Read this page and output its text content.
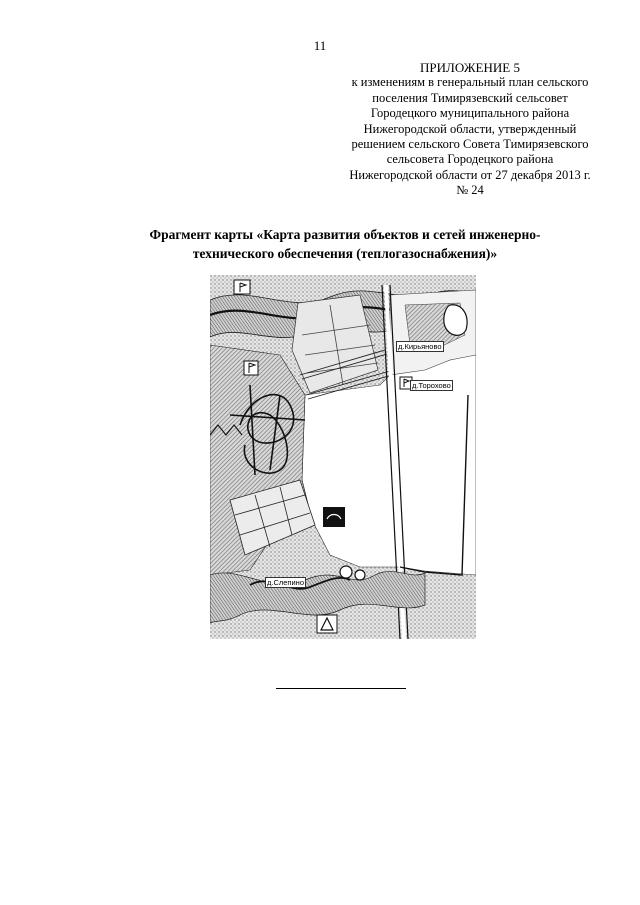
11
ПРИЛОЖЕНИЕ 5
к изменениям в генеральный план сельского
поселения Тимирязевский сельсовет
Городецкого муниципального района
Нижегородской области, утвержденный
решением сельского Совета Тимирязевского
сельсовета Городецкого района
Нижегородской области от 27 декабря 2013 г.
№ 24
Фрагмент карты «Карта развития объектов и сетей инженерно-
технического обеспечения (теплогазоснабжения)»
д.Кирьяново
д.Торохово
д.Слепино
